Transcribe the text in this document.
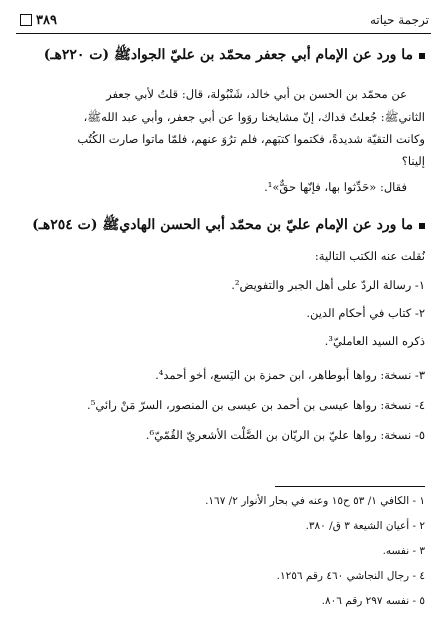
ترجمة حياته
٣٨٩
ما ورد عن الإمام أبي جعفر محمّد بن عليّ الجوادﷺ (ت ٢٢٠هـ)
عن محمّد بن الحسن بن أبي خالد، شَنْبُولة، قال: قلتُ لأبي جعفر
الثانيﷺ: جُعلتُ فداك، إنّ مشايخنا روَوا عن أبي جعفر، وأبي عبد اللهﷺ،
وكانت التقيّة شديدةً، فكتموا كتبَهم، فلم ترُوَ عنهم، فلمّا ماتوا صارت الكُتُب
إلينا؟
فقال: «حَدِّثوا بها، فإنّها حقٌّ»¹.
ما ورد عن الإمام عليّ بن محمّد أبي الحسن الهاديﷺ (ت ٢٥٤هـ)
نُقلت عنه الكتب التالية:
١- رسالة الردّ على أهل الجبر والتفويض².
٢- كتاب في أحكام الدين.
ذكره السيد العامليّ³.
٣- نسخة: رواها أبوطاهر، ابن حمزة بن اليَسع، أخو أحمد⁴.
٤- نسخة: رواها عيسى بن أحمد بن عيسى بن المنصور، السرّ مَنْ رائي⁵.
٥- نسخة: رواها عليّ بن الريّان بن الصَّلْت الأشعريّ القُمّيّ⁶.
١ - الكافي ١/ ٥٣ ح١٥ وعنه في بحار الأنوار ٢/ ١٦٧.
٢ - أعيان الشيعة ٣ ق/ ٣٨٠.
٣ - نفسه.
٤ - رجال النجاشي ٤٦٠ رقم ١٢٥٦.
٥ - نفسه ٢٩٧ رقم ٨٠٦.
